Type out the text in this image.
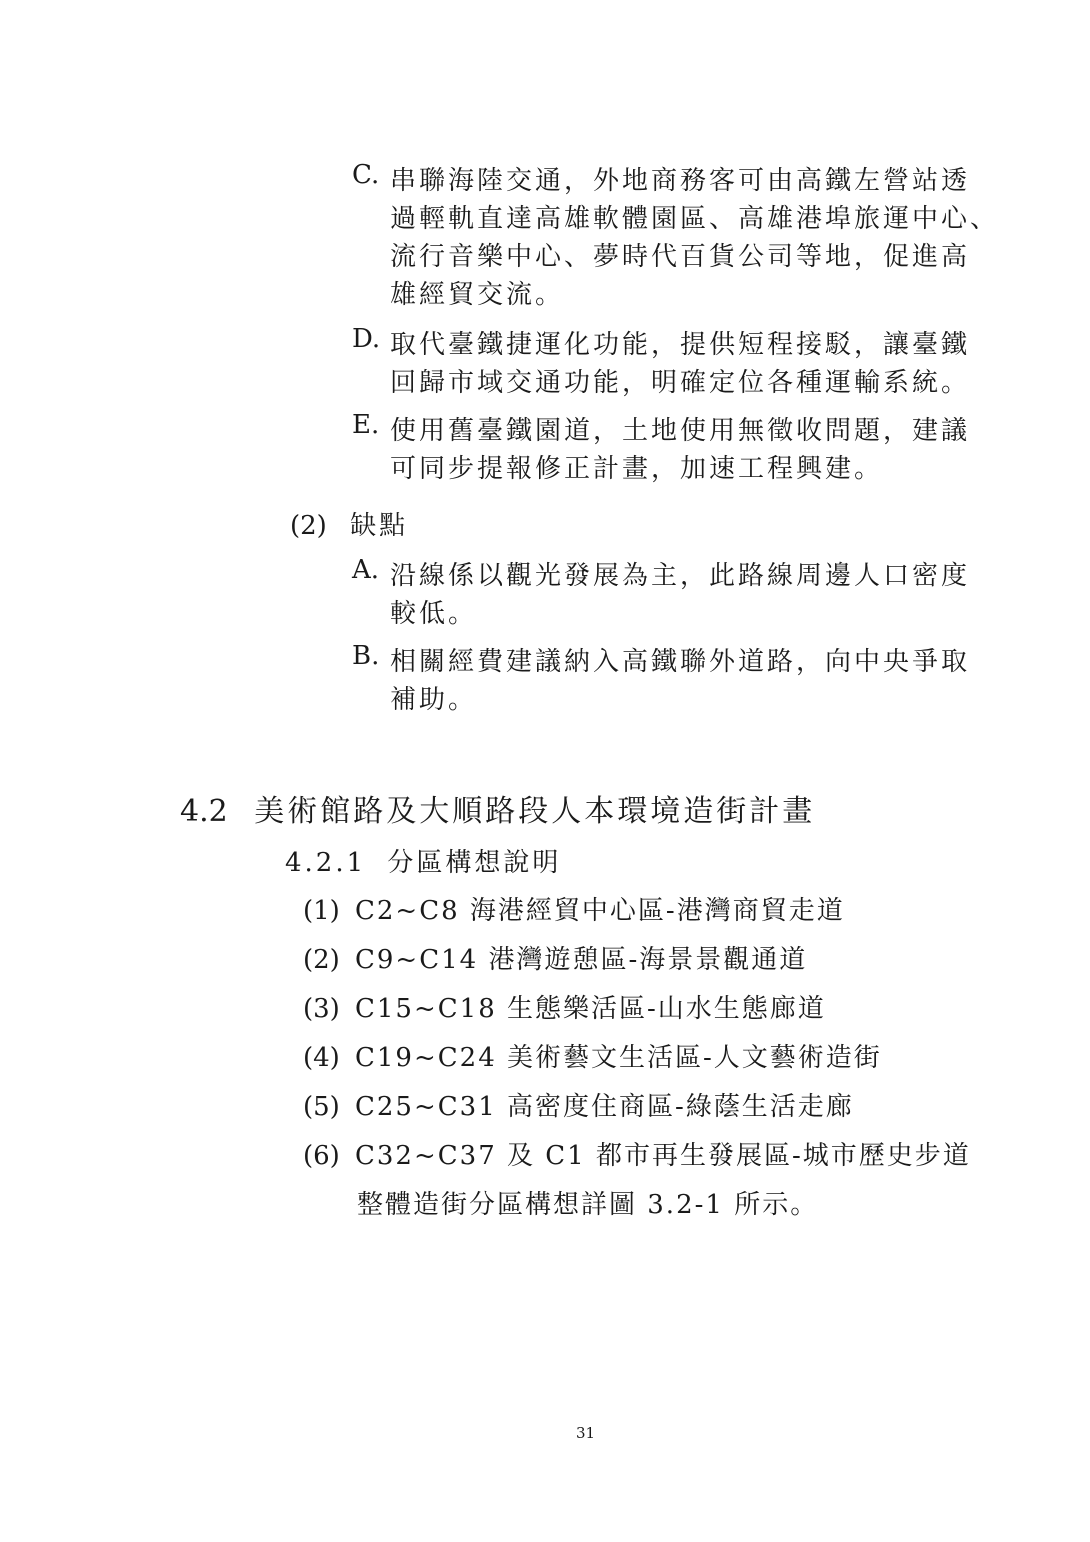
C. 串聯海陸交通，外地商務客可由高鐵左營站透
過輕軌直達高雄軟體園區、高雄港埠旅運中心、
流行音樂中心、夢時代百貨公司等地，促進高
雄經貿交流。
D. 取代臺鐵捷運化功能，提供短程接駁，讓臺鐵
回歸市域交通功能，明確定位各種運輸系統。
E. 使用舊臺鐵園道，土地使用無徵收問題，建議
可同步提報修正計畫，加速工程興建。
(2) 缺點
A. 沿線係以觀光發展為主，此路線周邊人口密度
較低。
B. 相關經費建議納入高鐵聯外道路，向中央爭取
補助。
4.2 美術館路及大順路段人本環境造街計畫
4.2.1 分區構想說明
(1) C2~C8 海港經貿中心區-港灣商貿走道
(2) C9~C14 港灣遊憩區-海景景觀通道
(3) C15~C18 生態樂活區-山水生態廊道
(4) C19~C24 美術藝文生活區-人文藝術造街
(5) C25~C31 高密度住商區-綠蔭生活走廊
(6) C32~C37 及 C1 都市再生發展區-城市歷史步道
整體造街分區構想詳圖 3.2-1 所示。
31
